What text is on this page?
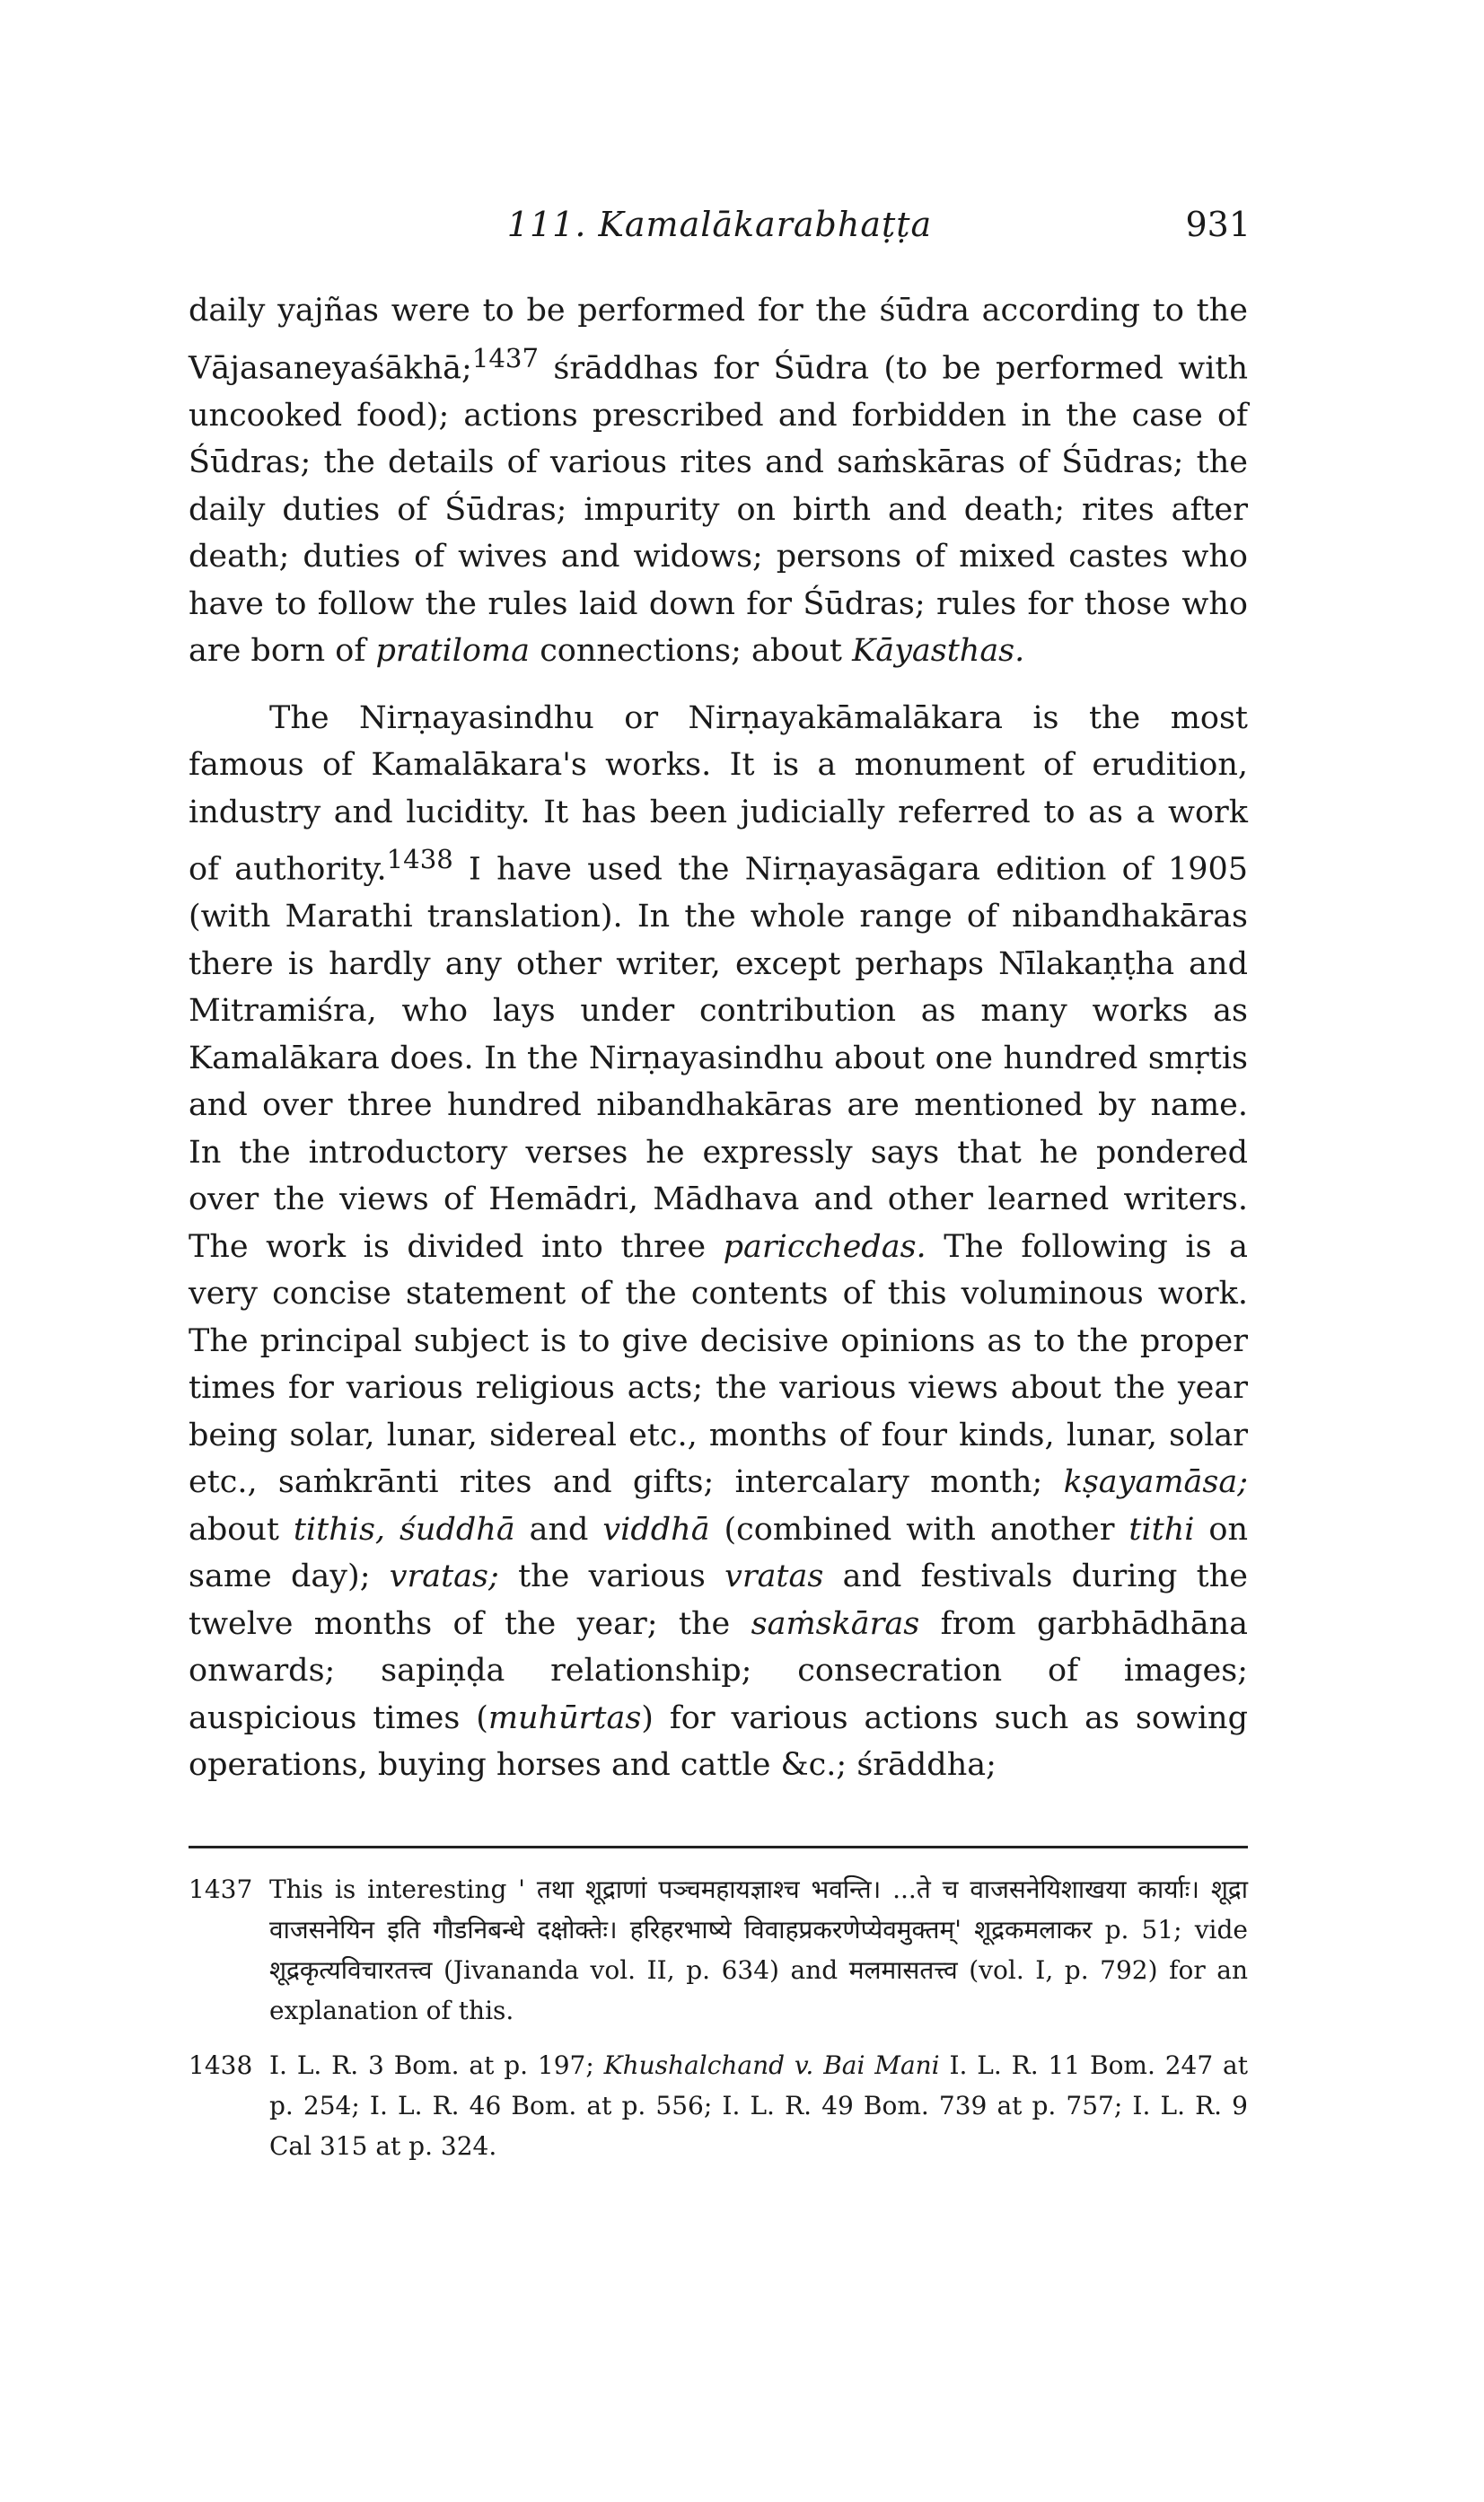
111. Kamalākarabhaṭṭa	931

daily yajñas were to be performed for the śūdra according to the Vājasaneyaśākhā;$^{1437}$ śrāddhas for Śūdra (to be performed with uncooked food); actions prescribed and forbidden in the case of Śūdras; the details of various rites and saṁskāras of Śūdras; the daily duties of Śūdras; impurity on birth and death; rites after death; duties of wives and widows; persons of mixed castes who have to follow the rules laid down for Śūdras; rules for those who are born of pratiloma connections; about Kāyasthas.

The Nirṇayasindhu or Nirṇayakāmalākara is the most famous of Kamalākara's works. It is a monument of erudition, industry and lucidity. It has been judicially referred to as a work of authority.$^{1438}$ I have used the Nirṇayasāgara edition of 1905 (with Marathi translation). In the whole range of nibandhakāras there is hardly any other writer, except perhaps Nīlakaṇṭha and Mitramiśra, who lays under contribution as many works as Kamalākara does. In the Nirṇayasindhu about one hundred smṛtis and over three hundred nibandhakāras are mentioned by name. In the introductory verses he expressly says that he pondered over the views of Hemādri, Mādhava and other learned writers. The work is divided into three paricchedas. The following is a very concise statement of the contents of this voluminous work. The principal subject is to give decisive opinions as to the proper times for various religious acts; the various views about the year being solar, lunar, sidereal etc., months of four kinds, lunar, solar etc., saṁkrānti rites and gifts; intercalary month; kṣayamāsa; about tithis, śuddhā and viddhā (combined with another tithi on same day); vratas; the various vratas and festivals during the twelve months of the year; the saṁskāras from garbhādhāna onwards; sapiṇḍa relationship; consecration of images; auspicious times (muhūrtas) for various actions such as sowing operations, buying horses and cattle &c.; śrāddha;

1437 This is interesting ' तथा शूद्राणां पञ्चमहायज्ञाश्च भवन्ति। ...ते च वाजसनेयिशाखया कार्याः। शूद्रा वाजसनेयिन इति गौडनिबन्धे दक्षोक्तेः। हरिहरभाष्ये विवाहप्रकरणेप्येवमुक्तम्' शूद्रकमलाकर p. 51; vide शूद्रकृत्यविचारतत्त्व (Jivananda vol. II, p. 634) and मलमासतत्त्व (vol. I, p. 792) for an explanation of this.
1438 I. L. R. 3 Bom. at p. 197; Khushalchand v. Bai Mani I. L. R. 11 Bom. 247 at p. 254; I. L. R. 46 Bom. at p. 556; I. L. R. 49 Bom. 739 at p. 757; I. L. R. 9 Cal 315 at p. 324.
